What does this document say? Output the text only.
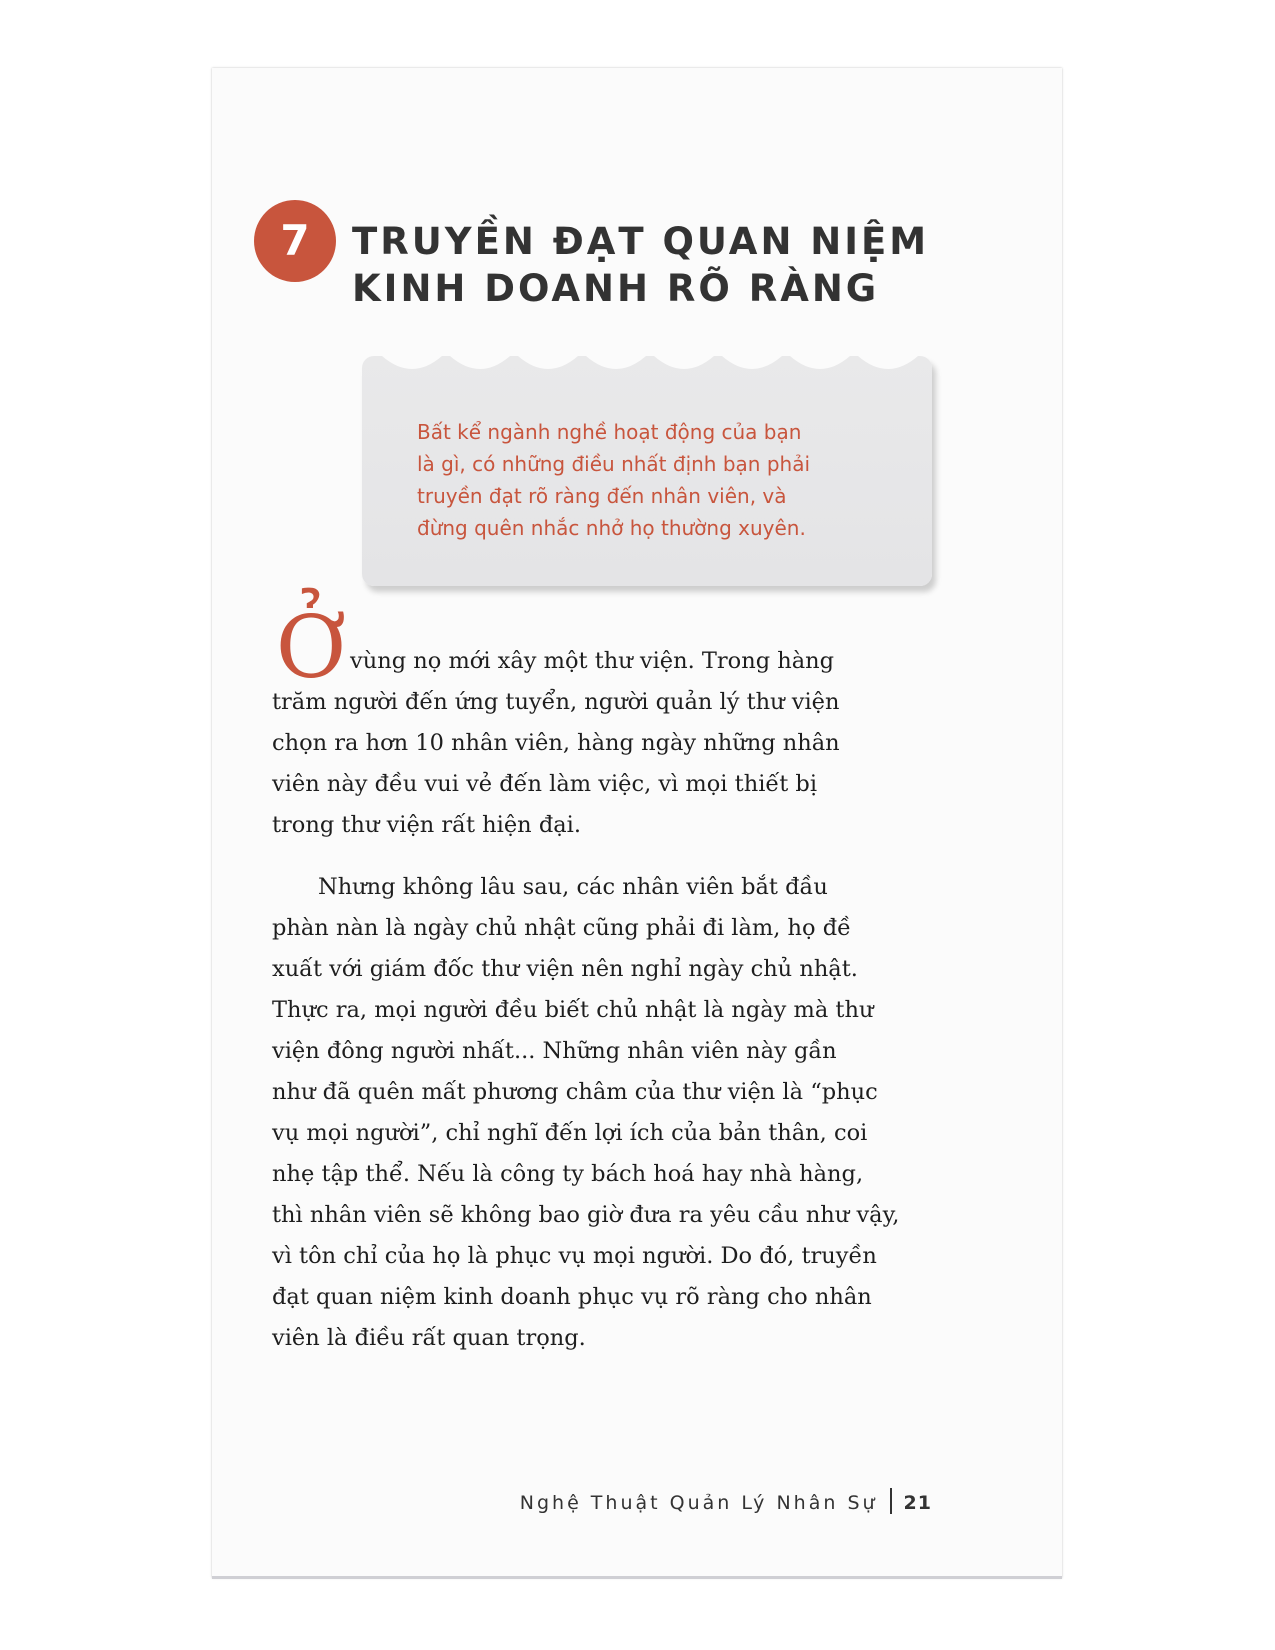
7	TRUYỀN ĐẠT QUAN NIỆM
KINH DOANH RÕ RÀNG
Bất kể ngành nghề hoạt động của bạn
là gì, có những điều nhất định bạn phải
truyền đạt rõ ràng đến nhân viên, và
đừng quên nhắc nhở họ thường xuyên.
Ở vùng nọ mới xây một thư viện. Trong hàng
trăm người đến ứng tuyển, người quản lý thư viện
chọn ra hơn 10 nhân viên, hàng ngày những nhân
viên này đều vui vẻ đến làm việc, vì mọi thiết bị
trong thư viện rất hiện đại.
Nhưng không lâu sau, các nhân viên bắt đầu
phàn nàn là ngày chủ nhật cũng phải đi làm, họ đề
xuất với giám đốc thư viện nên nghỉ ngày chủ nhật.
Thực ra, mọi người đều biết chủ nhật là ngày mà thư
viện đông người nhất... Những nhân viên này gần
như đã quên mất phương châm của thư viện là “phục
vụ mọi người”, chỉ nghĩ đến lợi ích của bản thân, coi
nhẹ tập thể. Nếu là công ty bách hoá hay nhà hàng,
thì nhân viên sẽ không bao giờ đưa ra yêu cầu như vậy,
vì tôn chỉ của họ là phục vụ mọi người. Do đó, truyền
đạt quan niệm kinh doanh phục vụ rõ ràng cho nhân
viên là điều rất quan trọng.
Nghệ Thuật Quản Lý Nhân Sự 21
